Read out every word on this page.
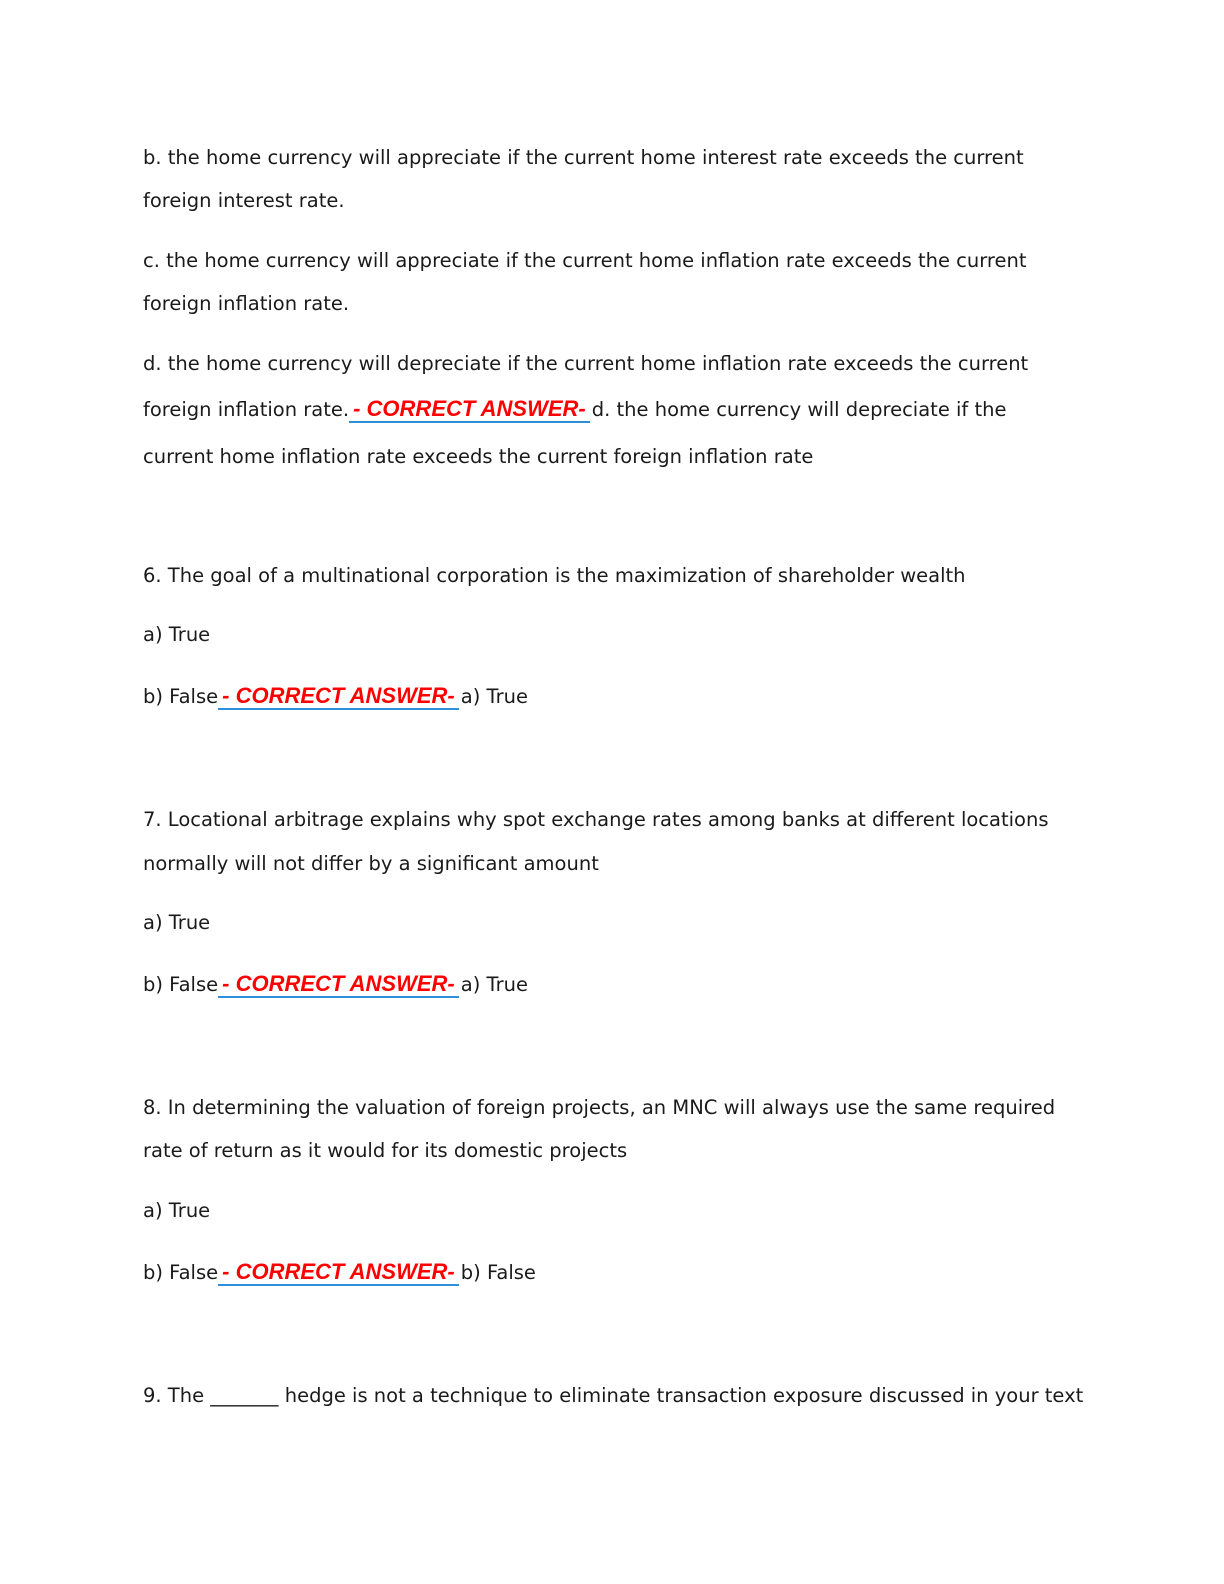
b. the home currency will appreciate if the current home interest rate exceeds the current
foreign interest rate.
c. the home currency will appreciate if the current home inflation rate exceeds the current
foreign inflation rate.
d. the home currency will depreciate if the current home inflation rate exceeds the current
foreign inflation rate. - CORRECT ANSWER- d. the home currency will depreciate if the
current home inflation rate exceeds the current foreign inflation rate
6. The goal of a multinational corporation is the maximization of shareholder wealth
a) True
b) False - CORRECT ANSWER- a) True
7. Locational arbitrage explains why spot exchange rates among banks at different locations
normally will not differ by a significant amount
a) True
b) False - CORRECT ANSWER- a) True
8. In determining the valuation of foreign projects, an MNC will always use the same required
rate of return as it would for its domestic projects
a) True
b) False - CORRECT ANSWER- b) False
9. The _______ hedge is not a technique to eliminate transaction exposure discussed in your text
